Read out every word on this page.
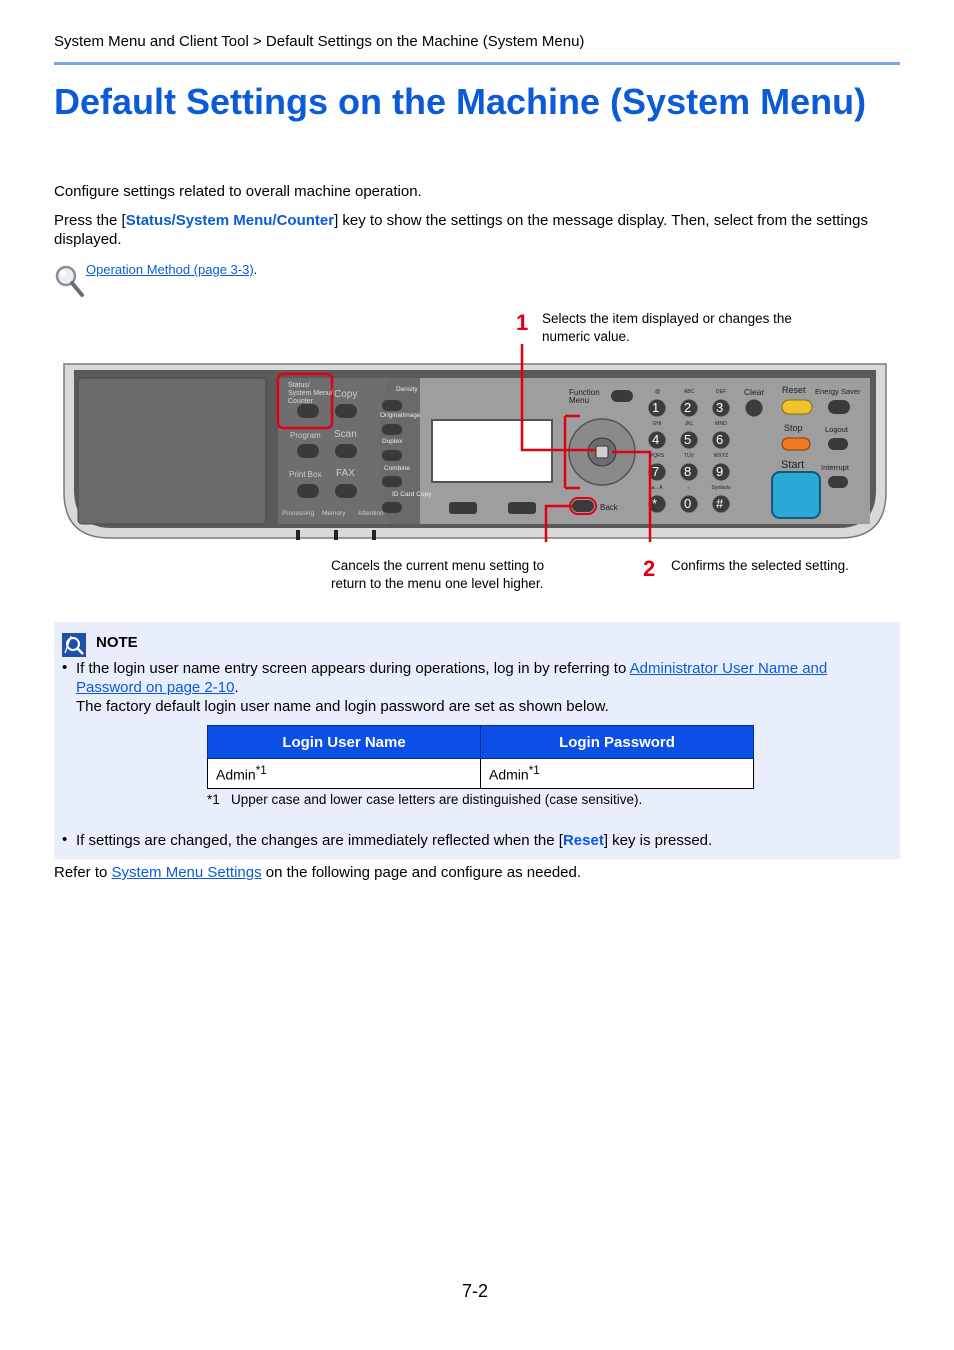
System Menu and Client Tool > Default Settings on the Machine (System Menu)
Default Settings on the Machine (System Menu)
Configure settings related to overall machine operation.
Press the [Status/System Menu/Counter] key to show the settings on the message display. Then, select from the settings displayed.
Operation Method (page 3-3).
1 Selects the item displayed or changes the numeric value.
Status/
System Menu/
Counter
Copy
Scan
Program
Print Box FAX
Density
OriginalImage
Duplex
Combine
ID Card Copy
Processing Memory Attention
Function
Menu
Back
Clear Reset Energy Saver
Stop	Logout
Start Interrupt
1
.@
2
ABC
3
DEF
4
GHI
5
JKL
6
MNO
7
PQRS
8
TUV
9
WXYZ
*
a↔A
0
-,
#
Symbols
Cancels the current menu setting to return to the menu one level higher.
2 Confirms the selected setting.
NOTE
• If the login user name entry screen appears during operations, log in by referring to Administrator User Name and Password on page 2-10.
The factory default login user name and login password are set as shown below.
Login User Name	Login Password
Admin$^{*1}$	Admin$^{*1}$
*1 Upper case and lower case letters are distinguished (case sensitive).
• If settings are changed, the changes are immediately reflected when the [Reset] key is pressed.
Refer to System Menu Settings on the following page and configure as needed.
7-2
